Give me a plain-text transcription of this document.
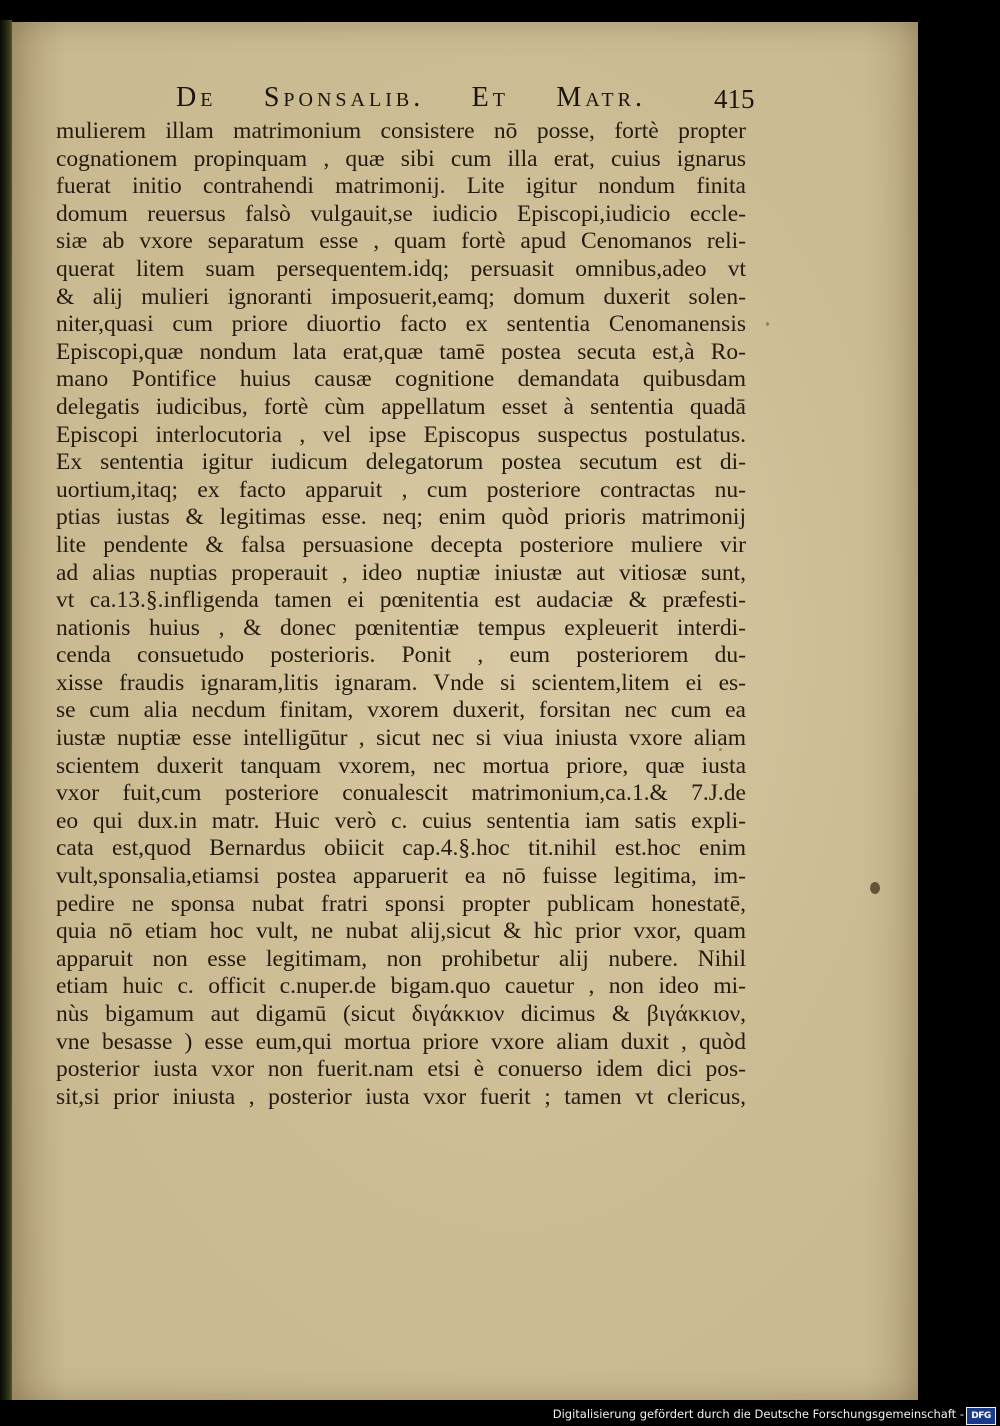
De Sponsalib. Et Matr.	415
mulierem illam matrimonium consistere nō posse, fortè propter
cognationem propinquam , quæ sibi cum illa erat, cuius ignarus
fuerat initio contrahendi matrimonij. Lite igitur nondum finita
domum reuersus falsò vulgauit,se iudicio Episcopi,iudicio eccle-
siæ ab vxore separatum esse , quam fortè apud Cenomanos reli-
querat litem suam persequentem.idq; persuasit omnibus,adeo vt
& alij mulieri ignoranti imposuerit,eamq; domum duxerit solen-
niter,quasi cum priore diuortio facto ex sententia Cenomanensis
Episcopi,quæ nondum lata erat,quæ tamē postea secuta est,à Ro-
mano Pontifice huius causæ cognitione demandata quibusdam
delegatis iudicibus, fortè cùm appellatum esset à sententia quadā
Episcopi interlocutoria , vel ipse Episcopus suspectus postulatus.
Ex sententia igitur iudicum delegatorum postea secutum est di-
uortium,itaq; ex facto apparuit , cum posteriore contractas nu-
ptias iustas & legitimas esse. neq; enim quòd prioris matrimonij
lite pendente & falsa persuasione decepta posteriore muliere vir
ad alias nuptias properauit , ideo nuptiæ iniustæ aut vitiosæ sunt,
vt ca.13.§.infligenda tamen ei pœnitentia est audaciæ & præfesti-
nationis huius , & donec pœnitentiæ tempus expleuerit interdi-
cenda consuetudo posterioris. Ponit , eum posteriorem du-
xisse fraudis ignaram,litis ignaram. Vnde si scientem,litem ei es-
se cum alia necdum finitam, vxorem duxerit, forsitan nec cum ea
iustæ nuptiæ esse intelligūtur , sicut nec si viua iniusta vxore aliam
scientem duxerit tanquam vxorem, nec mortua priore, quæ iusta
vxor fuit,cum posteriore conualescit matrimonium,ca.1.& 7.J.de
eo qui dux.in matr. Huic verò c. cuius sententia iam satis expli-
cata est,quod Bernardus obiicit cap.4.§.hoc tit.nihil est.hoc enim
vult,sponsalia,etiamsi postea apparuerit ea nō fuisse legitima, im-
pedire ne sponsa nubat fratri sponsi propter publicam honestatē,
quia nō etiam hoc vult, ne nubat alij,sicut & hìc prior vxor, quam
apparuit non esse legitimam, non prohibetur alij nubere. Nihil
etiam huic c. officit c.nuper.de bigam.quo cauetur , non ideo mi-
nùs bigamum aut digamū (sicut διγάκκιον dicimus & βιγάκκιον,
vne besasse ) esse eum,qui mortua priore vxore aliam duxit , quòd
posterior iusta vxor non fuerit.nam etsi è conuerso idem dici pos-
sit,si prior iniusta , posterior iusta vxor fuerit ; tamen vt clericus,
Digitalisierung gefördert durch die Deutsche Forschungsgemeinschaft - DFG
